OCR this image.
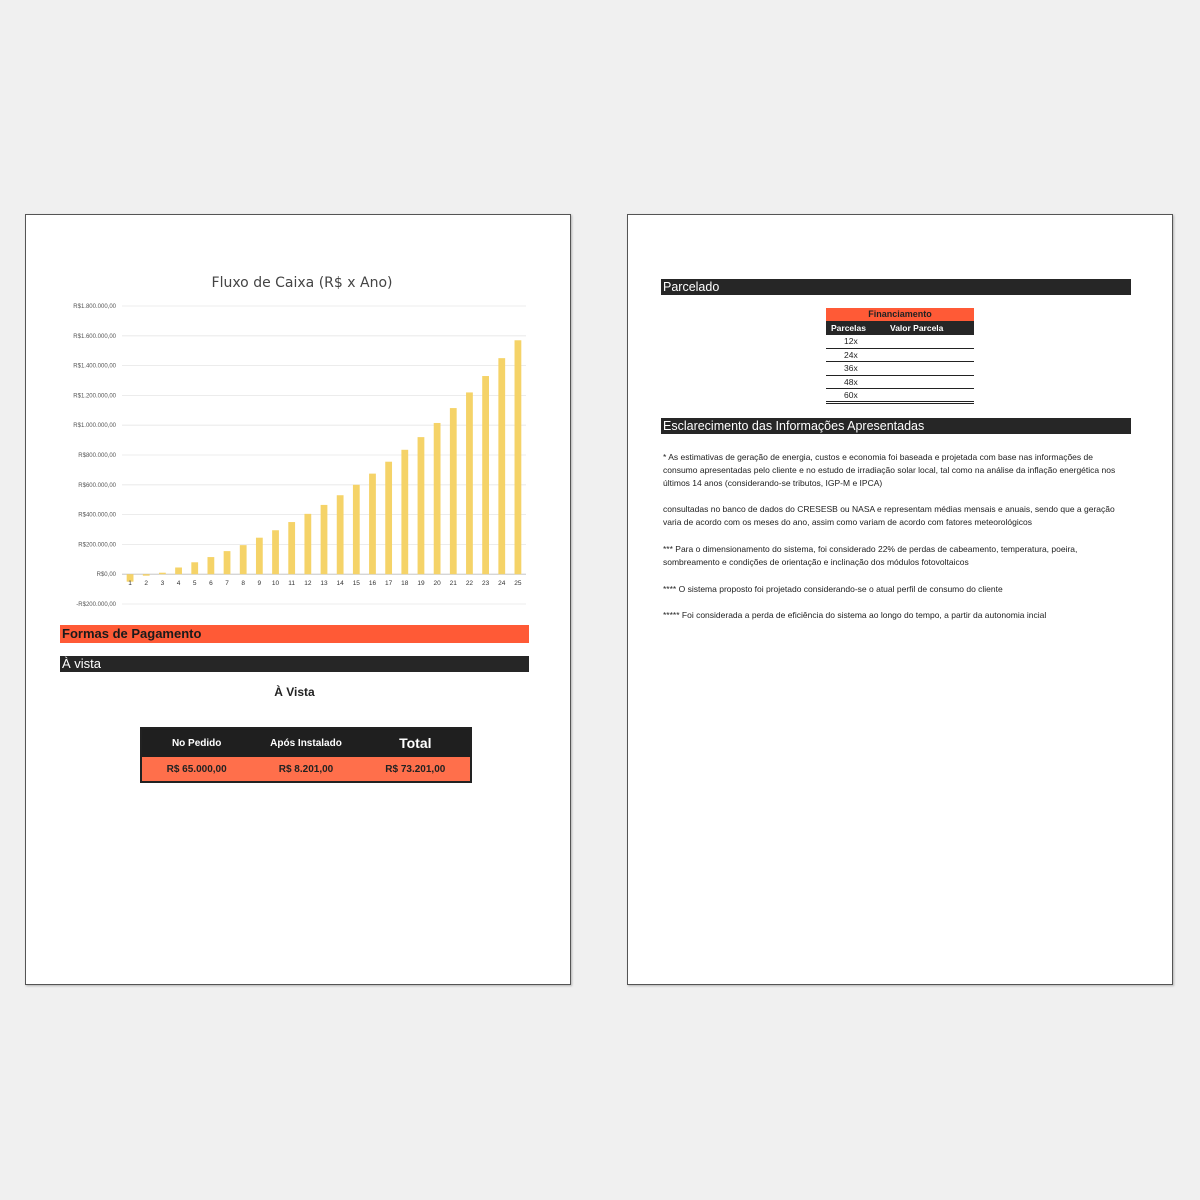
Fluxo de Caixa (R$ x Ano)
R$1.800.000,00
R$1.600.000,00
R$1.400.000,00
R$1.200.000,00
R$1.000.000,00
R$800.000,00
R$600.000,00
R$400.000,00
R$200.000,00
R$0,00
-R$200.000,00
1 2 3 4 5 6 7 8 9 10 11 12 13 14 15 16 17 18 19 20 21 22 23 24 25
Formas de Pagamento
À vista
À Vista
No Pedido	Após Instalado	Total
R$ 65.000,00	R$ 8.201,00	R$ 73.201,00
Parcelado
Financiamento
Parcelas	Valor Parcela
12x
24x
36x
48x
60x
Esclarecimento das Informações Apresentadas

* As estimativas de geração de energia, custos e economia foi baseada e projetada com base nas informações de consumo apresentadas pelo cliente e no estudo de irradiação solar local, tal como na análise da inflação energética nos últimos 14 anos (considerando-se tributos, IGP-M e IPCA)

consultadas no banco de dados do CRESESB ou NASA e representam médias mensais e anuais, sendo que a geração varia de acordo com os meses do ano, assim como variam de acordo com fatores meteorológicos

*** Para o dimensionamento do sistema, foi considerado 22% de perdas de cabeamento, temperatura, poeira, sombreamento e condições de orientação e inclinação dos módulos fotovoltaicos

**** O sistema proposto foi projetado considerando-se o atual perfil de consumo do cliente

***** Foi considerada a perda de eficiência do sistema ao longo do tempo, a partir da autonomia incial
